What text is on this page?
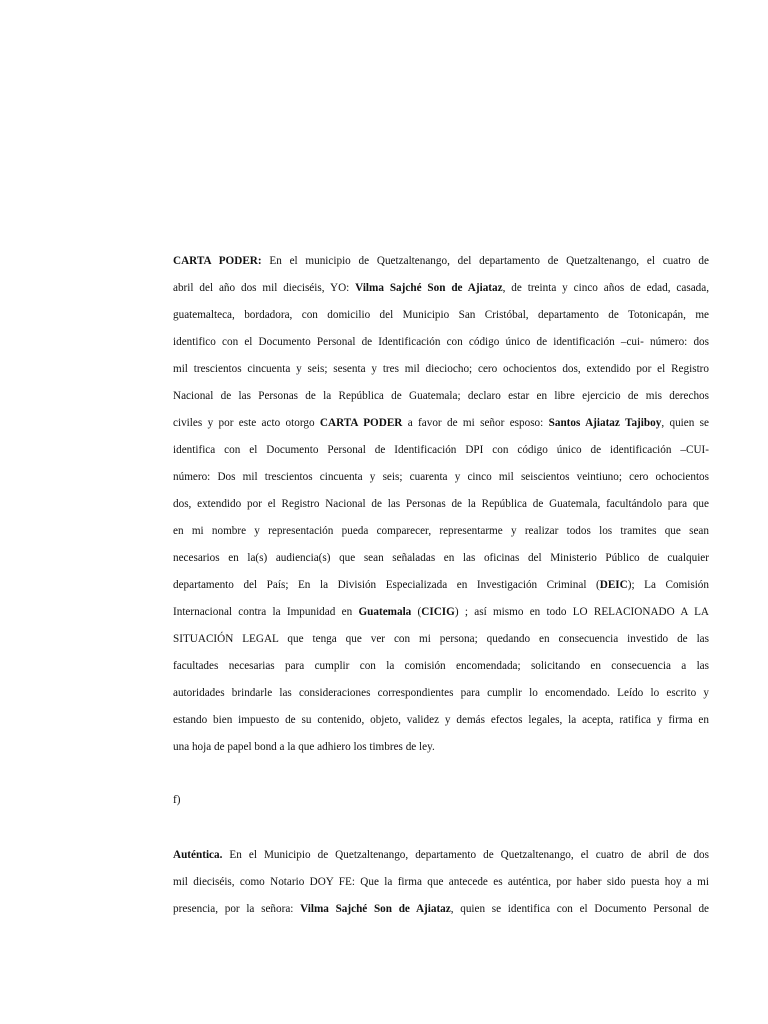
CARTA PODER: En el municipio de Quetzaltenango, del departamento de Quetzaltenango, el cuatro de
abril del año dos mil dieciséis, YO: Vilma Sajché Son de Ajiataz, de treinta y cinco años de edad, casada,
guatemalteca, bordadora, con domicilio del Municipio San Cristóbal, departamento de Totonicapán, me
identifico con el Documento Personal de Identificación con código único de identificación –cui- número: dos
mil trescientos cincuenta y seis; sesenta y tres mil dieciocho; cero ochocientos dos, extendido por el Registro
Nacional de las Personas de la República de Guatemala; declaro estar en libre ejercicio de mis derechos
civiles y por este acto otorgo CARTA PODER a favor de mi señor esposo: Santos Ajiataz Tajiboy, quien se
identifica con el Documento Personal de Identificación DPI con código único de identificación –CUI-
número: Dos mil trescientos cincuenta y seis; cuarenta y cinco mil seiscientos veintiuno; cero ochocientos
dos, extendido por el Registro Nacional de las Personas de la República de Guatemala, facultándolo para que
en mi nombre y representación pueda comparecer, representarme y realizar todos los tramites que sean
necesarios en la(s) audiencia(s) que sean señaladas en las oficinas del Ministerio Público de cualquier
departamento del País; En la División Especializada en Investigación Criminal (DEIC); La Comisión
Internacional contra la Impunidad en Guatemala (CICIG) ; así mismo en todo LO RELACIONADO A LA
SITUACIÓN LEGAL que tenga que ver con mi persona; quedando en consecuencia investido de las
facultades necesarias para cumplir con la comisión encomendada; solicitando en consecuencia a las
autoridades brindarle las consideraciones correspondientes para cumplir lo encomendado. Leído lo escrito y
estando bien impuesto de su contenido, objeto, validez y demás efectos legales, la acepta, ratifica y firma en
una hoja de papel bond a la que adhiero los timbres de ley.
f)
Auténtica. En el Municipio de Quetzaltenango, departamento de Quetzaltenango, el cuatro de abril de dos
mil dieciséis, como Notario DOY FE: Que la firma que antecede es auténtica, por haber sido puesta hoy a mi
presencia, por la señora: Vilma Sajché Son de Ajiataz, quien se identifica con el Documento Personal de
